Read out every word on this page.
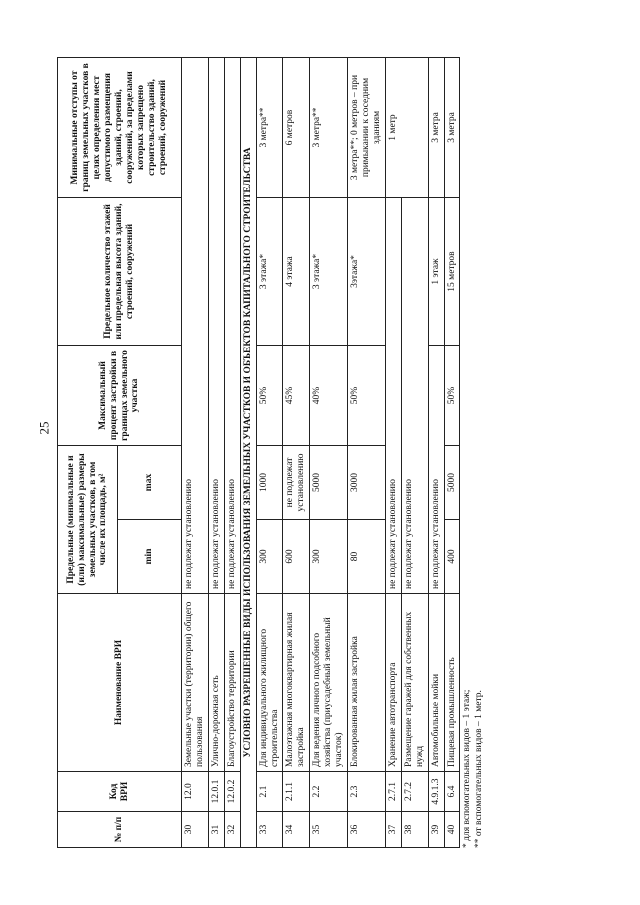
25
№ п/п	Код ВРИ	Наименование ВРИ	Предельные (минимальные и (или) максимальные) размеры земельных участков, в том числе их площадь, м²		Максимальный процент застройки в границах земельного участка	Предельное количество этажей или предельная высота зданий, строений, сооружений	Минимальные отступы от границ земельных участков в целях определения мест допустимого размещения зданий, строений, сооружений, за пределами которых запрещено строительство зданий, строений, сооружений
			min	max			
30	12.0	Земельные участки (территории) общего пользования	не подлежат установлению				
31	12.0.1	Улично-дорожная сеть	не подлежат установлению				
32	12.0.2	Благоустройство территории	не подлежат установлению				
УСЛОВНО РАЗРЕШЕННЫЕ ВИДЫ ИСПОЛЬЗОВАНИЯ ЗЕМЕЛЬНЫХ УЧАСТКОВ И ОБЪЕКТОВ КАПИТАЛЬНОГО СТРОИТЕЛЬСТВА							
33	2.1	Для индивидуального жилищного строительства	300	1000	50%	3 этажа*	3 метра**
34	2.1.1	Малоэтажная многоквартирная жилая застройка	600	не подлежат установлению	45%	4 этажа	6 метров
35	2.2	Для ведения личного подсобного хозяйства (приусадебный земельный участок)	300	5000	40%	3 этажа*	3 метра**
36	2.3	Блокированная жилая застройка	80	3000	50%	3этажа*	3 метра**; 0 метров – при примыкании к соседним зданиям
37	2.7.1	Хранение автотранспорта	не подлежат установлению				1 метр
38	2.7.2	Размещение гаражей для собственных нужд	не подлежат установлению				
39	4.9.1.3	Автомобильные мойки	не подлежат установлению			1 этаж	3 метра
40	6.4	Пищевая промышленность	400	5000	50%	15 метров	3 метра
* для вспомогательных видов – 1 этаж; ** от вспомогательных видов – 1 метр.
